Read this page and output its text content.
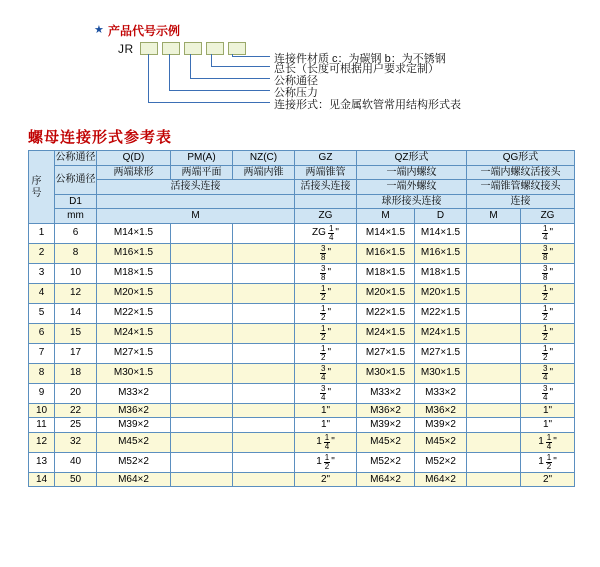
★ 产品代号示例
JR
连接件材质 c：为碳钢 b：为不锈钢
总长（长度可根据用户要求定制）
公称通径
公称压力
连接形式：见金属软管常用结构形式表
螺母连接形式参考表
序号	公称通径	Q(D)	PM(A)	NZ(C)	GZ	QZ形式		QG形式	
	公称通径	两端球形	两端平面	两端内锥	两端锥管	一端内螺纹		一端内螺纹活接头	
		活接头连接			活接头连接	一端外螺纹		一端锥管螺纹接头	
	D1					球形接头连接		连接	
	mm	M			ZG	M	D	M	ZG
1	6	M14×1.5			ZG $\frac{1}{4}$ "	M14×1.5	M14×1.5		$\frac{1}{4}$ "

2	8	M16×1.5			$\frac{3}{8}$ "	M16×1.5	M16×1.5		$\frac{3}{8}$ "

3	10	M18×1.5			$\frac{3}{8}$ "	M18×1.5	M18×1.5		$\frac{3}{8}$ "

4	12	M20×1.5			$\frac{1}{2}$ "	M20×1.5	M20×1.5		$\frac{1}{2}$ "

5	14	M22×1.5			$\frac{1}{2}$ "	M22×1.5	M22×1.5		$\frac{1}{2}$ "

6	15	M24×1.5			$\frac{1}{2}$ "	M24×1.5	M24×1.5		$\frac{1}{2}$ "

7	17	M27×1.5			$\frac{1}{2}$ "	M27×1.5	M27×1.5		$\frac{1}{2}$ "

8	18	M30×1.5			$\frac{3}{4}$ "	M30×1.5	M30×1.5		$\frac{3}{4}$ "

9	20	M33×2			$\frac{3}{4}$ "	M33×2	M33×2		$\frac{3}{4}$ "

10	22	M36×2			1"	M36×2	M36×2		1"
11	25	M39×2			1"	M39×2	M39×2		1"
12	32	M45×2			$1 \frac{1}{4}$ "	M45×2	M45×2		$1 \frac{1}{4}$ "

13	40	M52×2			$1 \frac{1}{2}$ "	M52×2	M52×2		$1 \frac{1}{2}$ "

14	50	M64×2			2"	M64×2	M64×2		2"
